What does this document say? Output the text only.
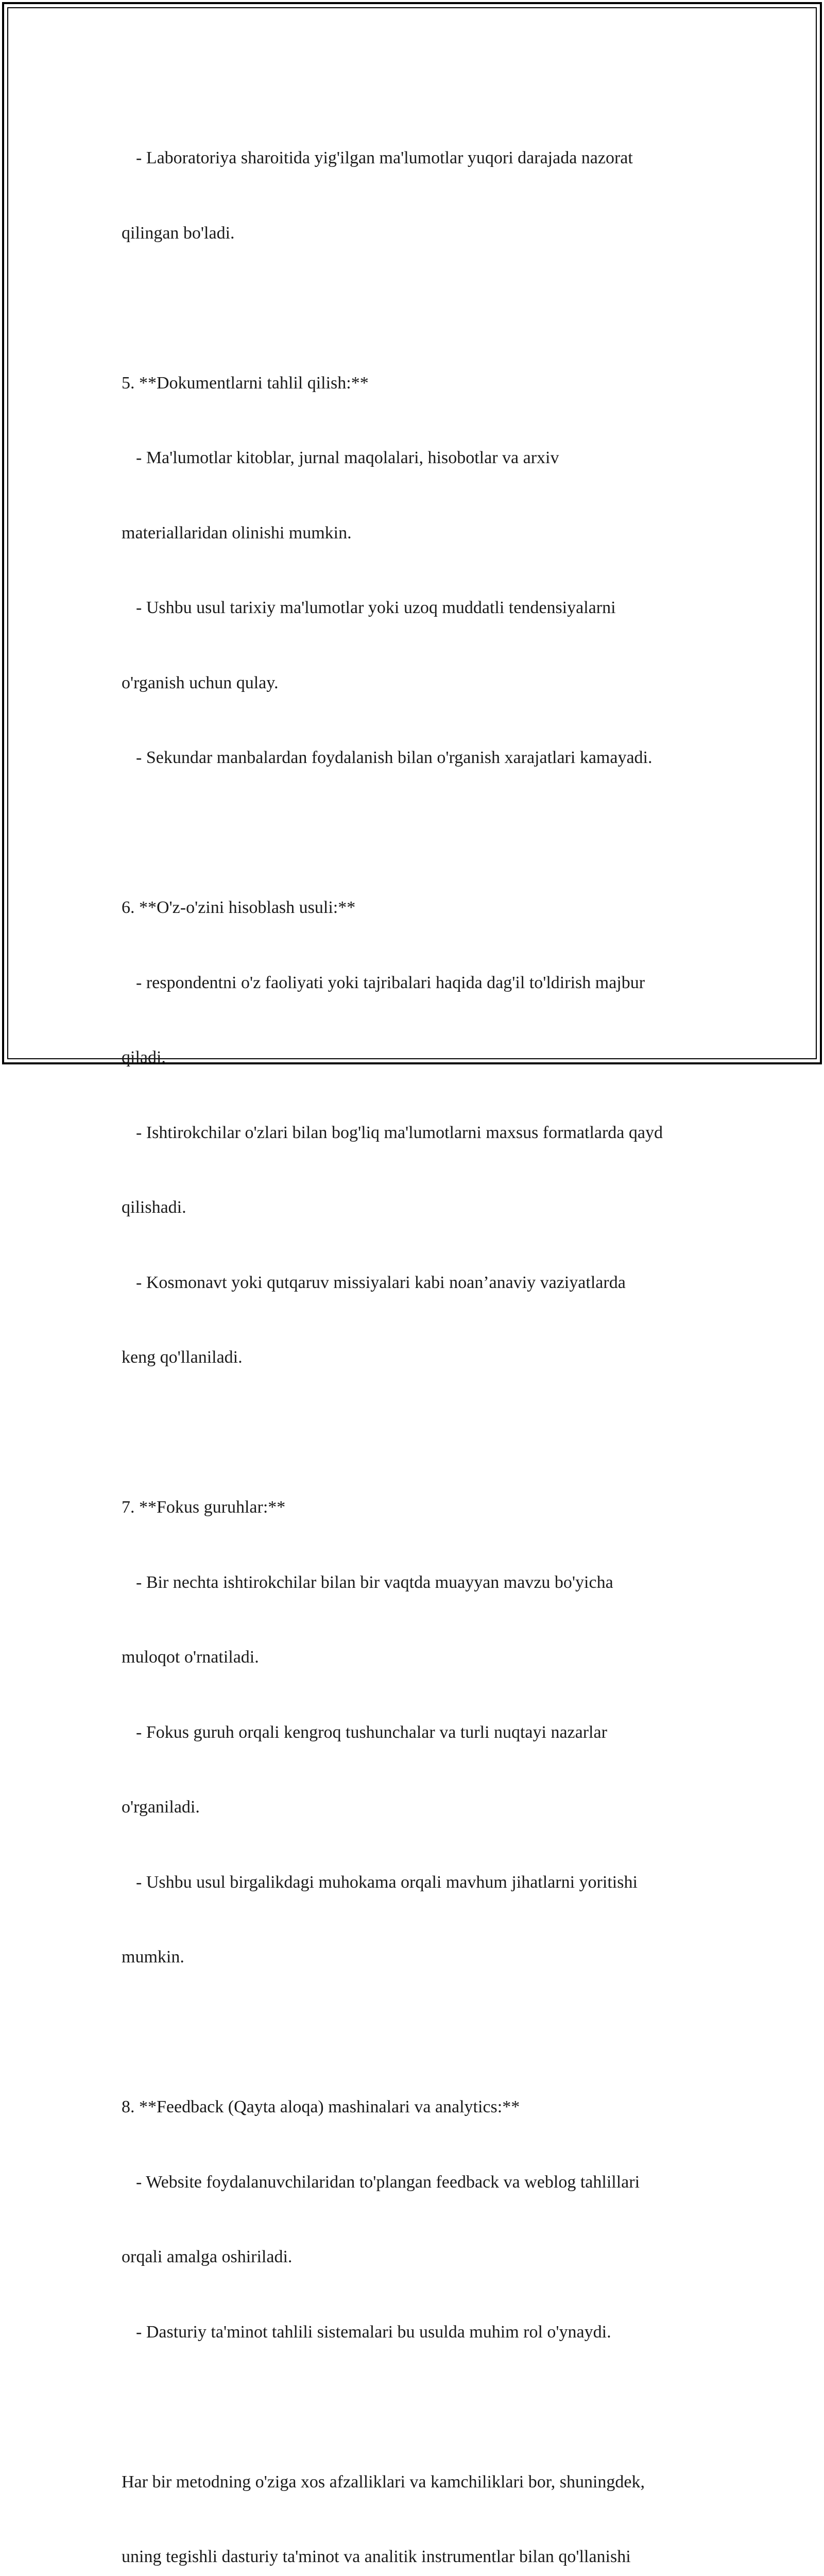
- Laboratoriya sharoitida yig'ilgan ma'lumotlar yuqori darajada nazorat

qilingan bo'ladi.

5. **Dokumentlarni tahlil qilish:**

- Ma'lumotlar kitoblar, jurnal maqolalari, hisobotlar va arxiv

materiallaridan olinishi mumkin.

- Ushbu usul tarixiy ma'lumotlar yoki uzoq muddatli tendensiyalarni

o'rganish uchun qulay.

- Sekundar manbalardan foydalanish bilan o'rganish xarajatlari kamayadi.

6. **O'z-o'zini hisoblash usuli:**

- respondentni o'z faoliyati yoki tajribalari haqida dag'il to'ldirish majbur

qiladi.

- Ishtirokchilar o'zlari bilan bog'liq ma'lumotlarni maxsus formatlarda qayd

qilishadi.

- Kosmonavt yoki qutqaruv missiyalari kabi noan’anaviy vaziyatlarda

keng qo'llaniladi.

7. **Fokus guruhlar:**

- Bir nechta ishtirokchilar bilan bir vaqtda muayyan mavzu bo'yicha

muloqot o'rnatiladi.

- Fokus guruh orqali kengroq tushunchalar va turli nuqtayi nazarlar

o'rganiladi.

- Ushbu usul birgalikdagi muhokama orqali mavhum jihatlarni yoritishi

mumkin.

8. **Feedback (Qayta aloqa) mashinalari va analytics:**

- Website foydalanuvchilaridan to'plangan feedback va weblog tahlillari

orqali amalga oshiriladi.

- Dasturiy ta'minot tahlili sistemalari bu usulda muhim rol o'ynaydi.

Har bir metodning o'ziga xos afzalliklari va kamchiliklari bor, shuningdek,

uning tegishli dasturiy ta'minot va analitik instrumentlar bilan qo'llanishi
